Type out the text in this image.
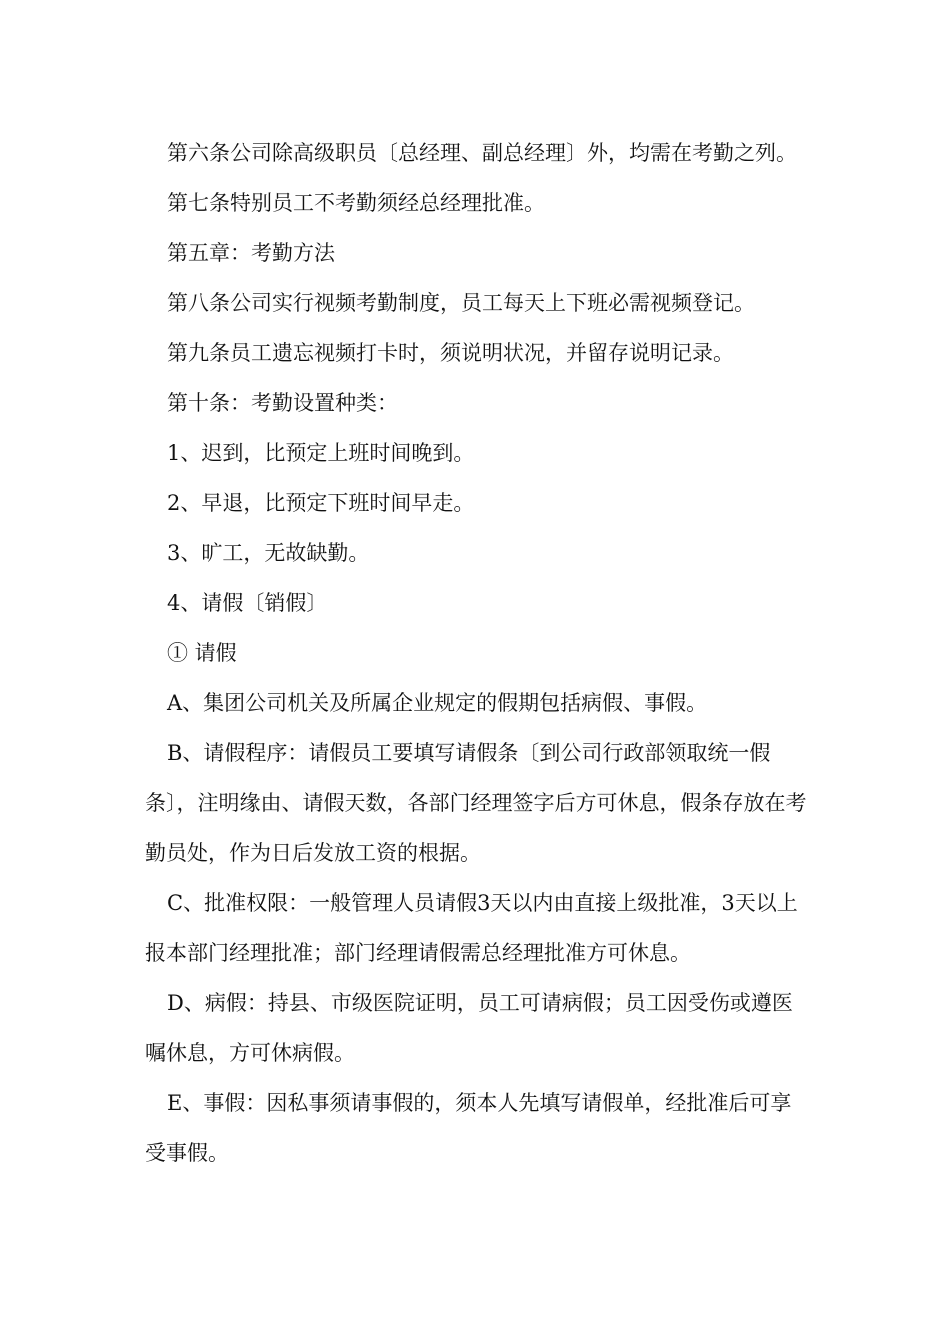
第六条公司除高级职员〔总经理、副总经理〕外，均需在考勤之列。

第七条特别员工不考勤须经总经理批准。

第五章：考勤方法

第八条公司实行视频考勤制度，员工每天上下班必需视频登记。

第九条员工遗忘视频打卡时，须说明状况，并留存说明记录。

第十条：考勤设置种类：

1、迟到，比预定上班时间晚到。

2、早退，比预定下班时间早走。

3、旷工，无故缺勤。

4、请假〔销假〕

① 请假

A、集团公司机关及所属企业规定的假期包括病假、事假。

B、请假程序：请假员工要填写请假条〔到公司行政部领取统一假条〕，注明缘由、请假天数，各部门经理签字后方可休息，假条存放在考勤员处，作为日后发放工资的根据。

C、批准权限：一般管理人员请假3天以内由直接上级批准，3天以上报本部门经理批准；部门经理请假需总经理批准方可休息。

D、病假：持县、市级医院证明，员工可请病假；员工因受伤或遵医嘱休息，方可休病假。

E、事假：因私事须请事假的，须本人先填写请假单，经批准后可享受事假。
